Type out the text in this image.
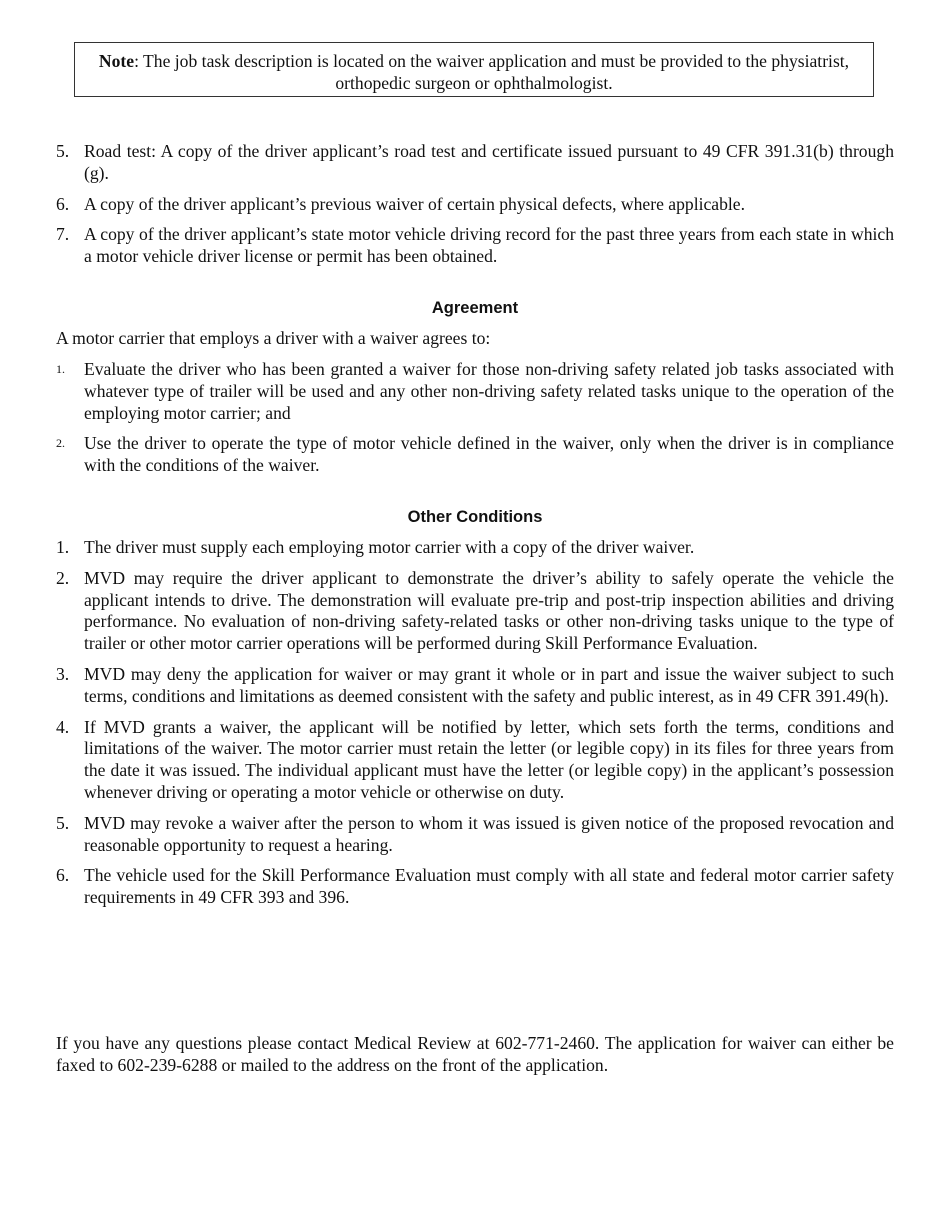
Note: The job task description is located on the waiver application and must be provided to the physiatrist, orthopedic surgeon or ophthalmologist.
5. Road test: A copy of the driver applicant’s road test and certificate issued pursuant to 49 CFR 391.31(b) through (g).
6. A copy of the driver applicant’s previous waiver of certain physical defects, where applicable.
7. A copy of the driver applicant’s state motor vehicle driving record for the past three years from each state in which a motor vehicle driver license or permit has been obtained.
Agreement

A motor carrier that employs a driver with a waiver agrees to:

1. Evaluate the driver who has been granted a waiver for those non-driving safety related job tasks associated with whatever type of trailer will be used and any other non-driving safety related tasks unique to the operation of the employing motor carrier; and
2. Use the driver to operate the type of motor vehicle defined in the waiver, only when the driver is in compliance with the conditions of the waiver.
Other Conditions
1. The driver must supply each employing motor carrier with a copy of the driver waiver.
2. MVD may require the driver applicant to demonstrate the driver’s ability to safely operate the vehicle the applicant intends to drive. The demonstration will evaluate pre-trip and post-trip inspection abilities and driving performance. No evaluation of non-driving safety-related tasks or other non-driving tasks unique to the type of trailer or other motor carrier operations will be performed during Skill Performance Evaluation.
3. MVD may deny the application for waiver or may grant it whole or in part and issue the waiver subject to such terms, conditions and limitations as deemed consistent with the safety and public interest, as in 49 CFR 391.49(h).
4. If MVD grants a waiver, the applicant will be notified by letter, which sets forth the terms, conditions and limitations of the waiver. The motor carrier must retain the letter (or legible copy) in its files for three years from the date it was issued. The individual applicant must have the letter (or legible copy) in the applicant’s possession whenever driving or operating a motor vehicle or otherwise on duty.
5. MVD may revoke a waiver after the person to whom it was issued is given notice of the proposed revocation and reasonable opportunity to request a hearing.
6. The vehicle used for the Skill Performance Evaluation must comply with all state and federal motor carrier safety requirements in 49 CFR 393 and 396.

If you have any questions please contact Medical Review at 602-771-2460. The application for waiver can either be faxed to 602-239-6288 or mailed to the address on the front of the application.
